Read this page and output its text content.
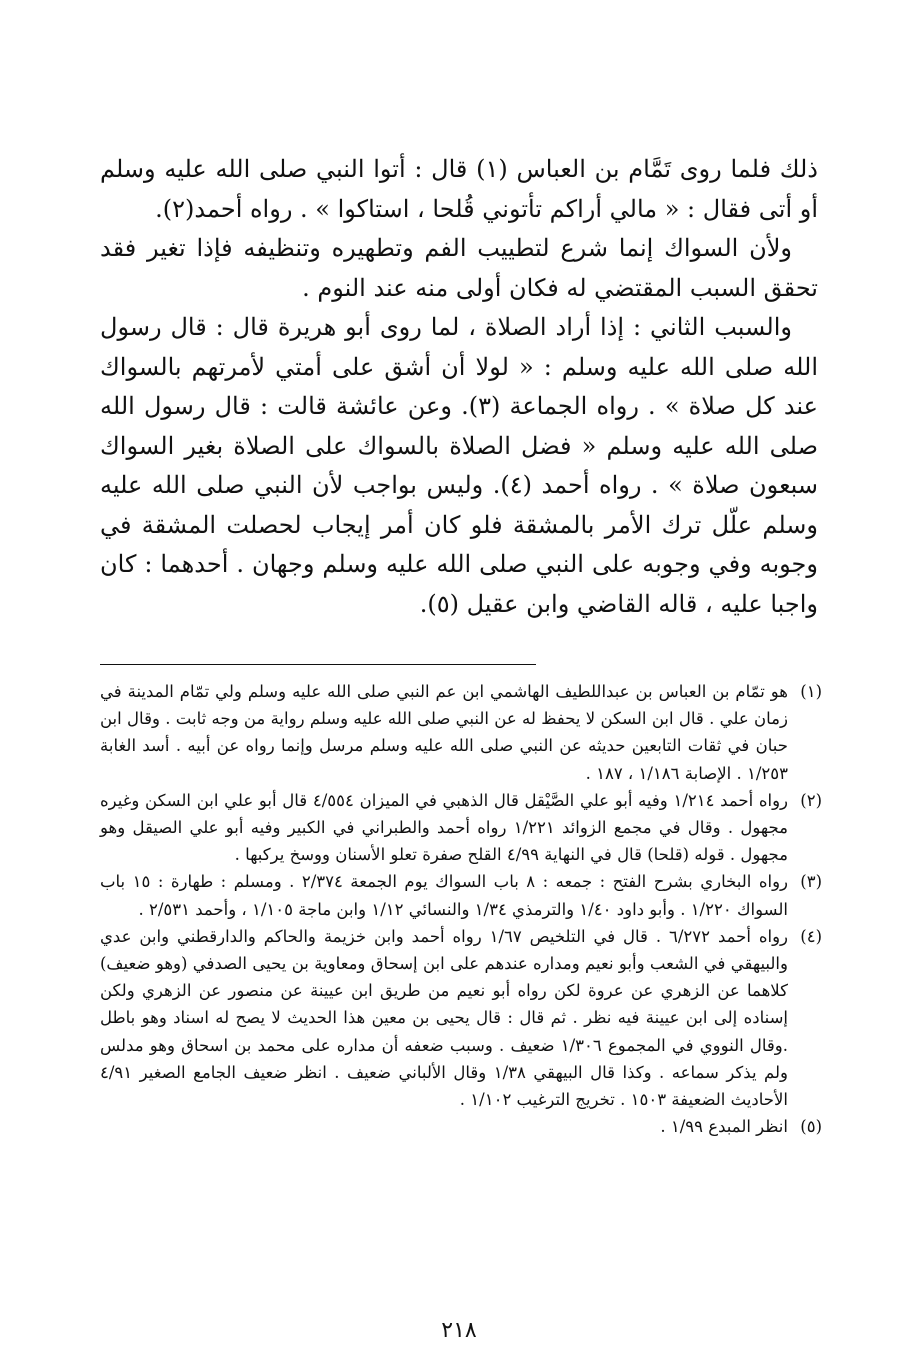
ذلك فلما روى تَمَّام بن العباس (١) قال : أتوا النبي صلى الله عليه وسلم أو أتى فقال : « مالي أراكم تأتوني قُلحا ، استاكوا » . رواه أحمد(٢).

ولأن السواك إنما شرع لتطييب الفم وتطهيره وتنظيفه فإذا تغير فقد تحقق السبب المقتضي له فكان أولى منه عند النوم .

والسبب الثاني : إذا أراد الصلاة ، لما روى أبو هريرة قال : قال رسول الله صلى الله عليه وسلم : « لولا أن أشق على أمتي لأمرتهم بالسواك عند كل صلاة » . رواه الجماعة (٣). وعن عائشة قالت : قال رسول الله صلى الله عليه وسلم « فضل الصلاة بالسواك على الصلاة بغير السواك سبعون صلاة » . رواه أحمد (٤). وليس بواجب لأن النبي صلى الله عليه وسلم علّل ترك الأمر بالمشقة فلو كان أمر إيجاب لحصلت المشقة في وجوبه وفي وجوبه على النبي صلى الله عليه وسلم وجهان . أحدهما : كان واجبا عليه ، قاله القاضي وابن عقيل (٥).

(١)
هو تمّام بن العباس بن عبداللطيف الهاشمي ابن عم النبي صلى الله عليه وسلم ولي تمّام المدينة في زمان علي . قال ابن السكن لا يحفظ له عن النبي صلى الله عليه وسلم رواية من وجه ثابت . وقال ابن حبان في ثقات التابعين حديثه عن النبي صلى الله عليه وسلم مرسل وإنما رواه عن أبيه . أسد الغابة ١/٢٥٣ . الإصابة ١/١٨٦ ، ١٨٧ .
(٢)
رواه أحمد ١/٢١٤ وفيه أبو علي الصَّيْقل قال الذهبي في الميزان ٤/٥٥٤ قال أبو علي ابن السكن وغيره مجهول . وقال في مجمع الزوائد ١/٢٢١ رواه أحمد والطبراني في الكبير وفيه أبو علي الصيقل وهو مجهول . قوله (قلحا) قال في النهاية ٤/٩٩ القلح صفرة تعلو الأسنان ووسخ يركبها .
(٣)
رواه البخاري بشرح الفتح : جمعه : ٨ باب السواك يوم الجمعة ٢/٣٧٤ . ومسلم : طهارة : ١٥ باب السواك ١/٢٢٠ . وأبو داود ١/٤٠ والترمذي ١/٣٤ والنسائي ١/١٢ وابن ماجة ١/١٠٥ ، وأحمد ٢/٥٣١ .
(٤)
رواه أحمد ٦/٢٧٢ . قال في التلخيص ١/٦٧ رواه أحمد وابن خزيمة والحاكم والدارقطني وابن عدي والبيهقي في الشعب وأبو نعيم ومداره عندهم على ابن إسحاق ومعاوية بن يحيى الصدفي (وهو ضعيف) كلاهما عن الزهري عن عروة لكن رواه أبو نعيم من طريق ابن عيينة عن منصور عن الزهري ولكن إسناده إلى ابن عيينة فيه نظر . ثم قال : قال يحيى بن معين هذا الحديث لا يصح له اسناد وهو باطل .وقال النووي في المجموع ١/٣٠٦ ضعيف . وسبب ضعفه أن مداره على محمد بن اسحاق وهو مدلس ولم يذكر سماعه . وكذا قال البيهقي ١/٣٨ وقال الألباني ضعيف . انظر ضعيف الجامع الصغير ٤/٩١ الأحاديث الضعيفة ١٥٠٣ . تخريج الترغيب ١/١٠٢ .
(٥)
انظر المبدع ١/٩٩ .
٢١٨
